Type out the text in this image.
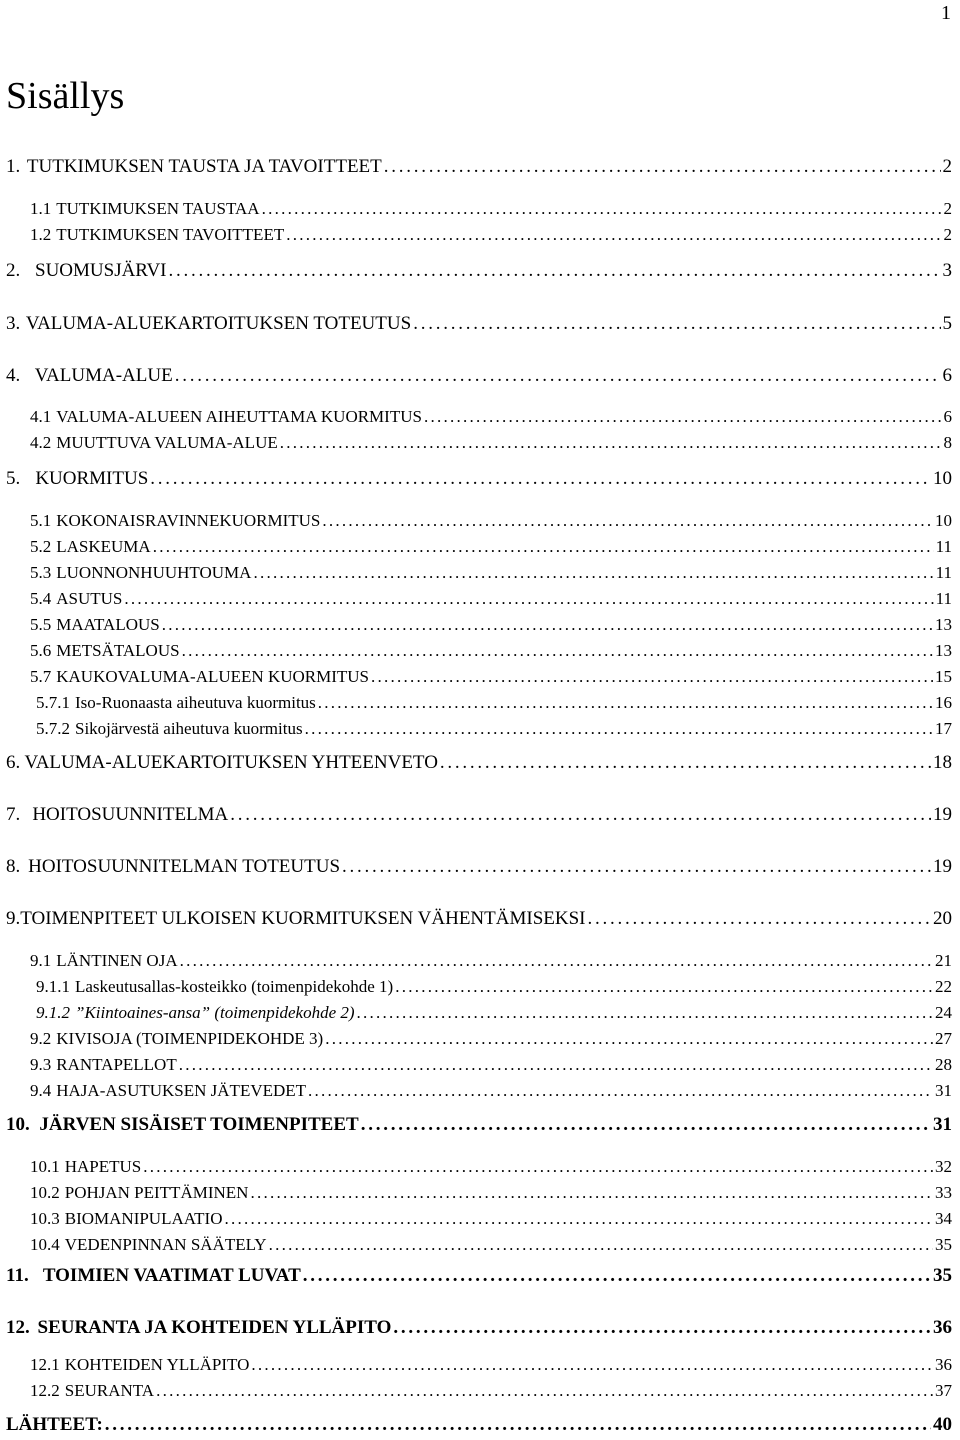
1
Sisällys
1. TUTKIMUKSEN TAUSTA JA TAVOITTEET . . .	2
1.1 TUTKIMUKSEN TAUSTAA . . .	2
1.2 TUTKIMUKSEN TAVOITTEET . . .	2
2. SUOMUSJÄRVI . . .	3
3. VALUMA-ALUEKARTOITUKSEN TOTEUTUS . . .	5
4. VALUMA-ALUE . . .	6
4.1 VALUMA-ALUEEN AIHEUTTAMA KUORMITUS . . .	6
4.2 MUUTTUVA VALUMA-ALUE . . .	8
5. KUORMITUS . . .	10
5.1 KOKONAISRAVINNEKUORMITUS . . .	10
5.2 LASKEUMA . . .	11
5.3 LUONNONHUUHTOUMA . . .	11
5.4 ASUTUS . . .	11
5.5 MAATALOUS . . .	13
5.6 METSÄTALOUS . . .	13
5.7 KAUKOVALUMA-ALUEEN KUORMITUS . . .	15
5.7.1 Iso-Ruonaasta aiheutuva kuormitus . . .	16
5.7.2 Sikojärvestä aiheutuva kuormitus . . .	17
6. VALUMA-ALUEKARTOITUKSEN YHTEENVETO . . .	18
7. HOITOSUUNNITELMA . . .	19
8. HOITOSUUNNITELMAN TOTEUTUS . . .	19
9. TOIMENPITEET ULKOISEN KUORMITUKSEN VÄHENTÄMISEKSI . . .	20
9.1 LÄNTINEN OJA . . .	21
9.1.1 Laskeutusallas-kosteikko (toimenpidekohde 1) . . .	22
9.1.2 ”Kiintoaines-ansa” (toimenpidekohde 2) . . .	24
9.2 KIVISOJA (TOIMENPIDEKOHDE 3) . . .	27
9.3 RANTAPELLOT . . .	28
9.4 HAJA-ASUTUKSEN JÄTEVEDET . . .	31
10. JÄRVEN SISÄISET TOIMENPITEET . . .	31
10.1 HAPETUS . . .	32
10.2 POHJAN PEITTÄMINEN . . .	33
10.3 BIOMANIPULAATIO . . .	34
10.4 VEDENPINNAN SÄÄTELY . . .	35
11. TOIMIEN VAATIMAT LUVAT . . .	35
12. SEURANTA JA KOHTEIDEN YLLÄPITO . . .	36
12.1 KOHTEIDEN YLLÄPITO . . .	36
12.2 SEURANTA . . .	37
LÄHTEET: . . .	40
